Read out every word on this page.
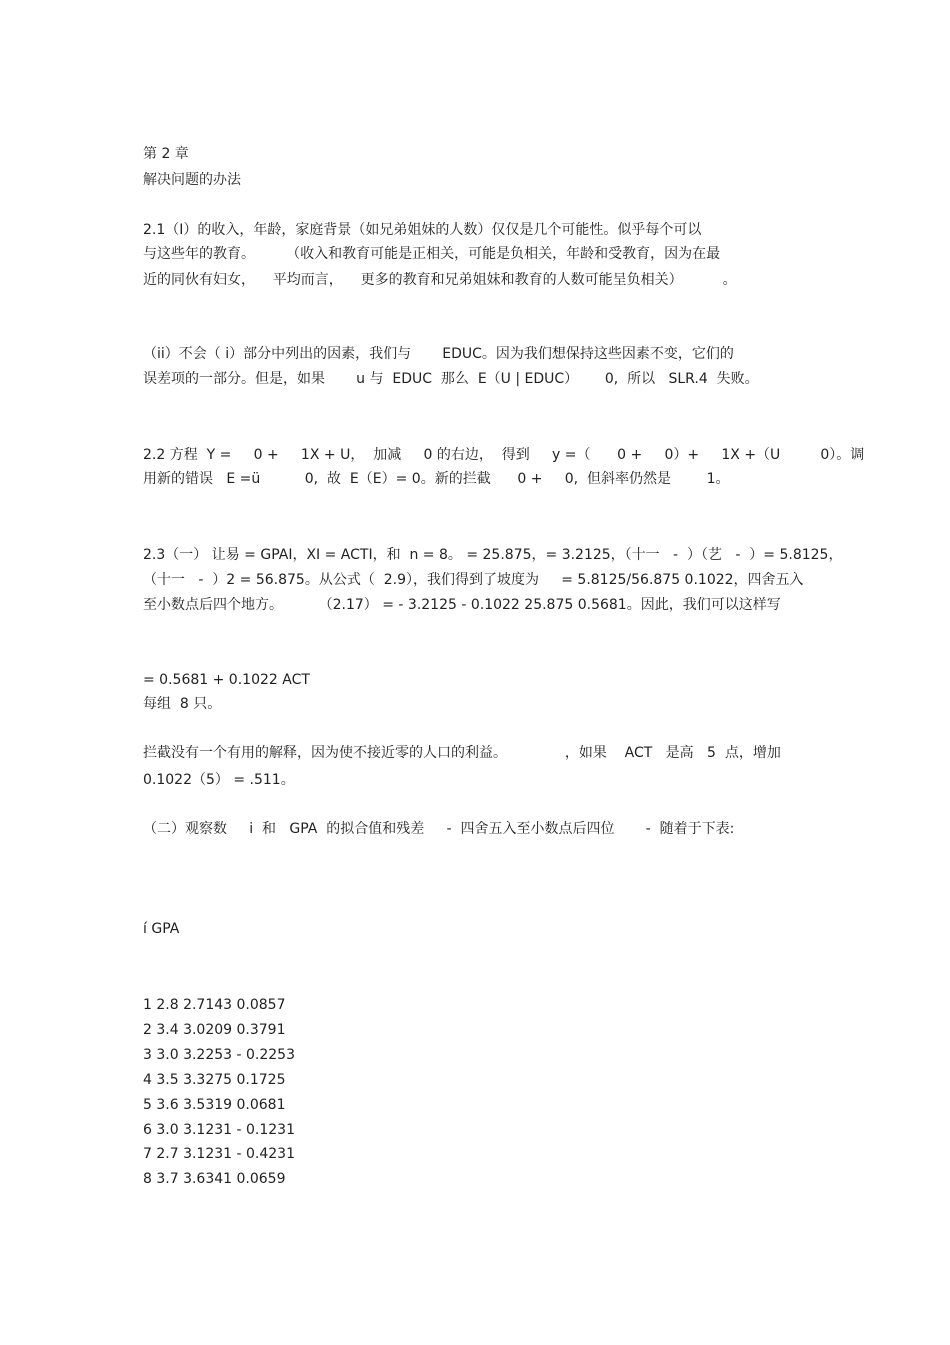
第 2 章
解决问题的办法
2.1（I）的收入，年龄，家庭背景（如兄弟姐妹的人数）仅仅是几个可能性。似乎每个可以
与这些年的教育。       （收入和教育可能是正相关，可能是负相关，年龄和受教育，因为在最
近的同伙有妇女，    平均而言，    更多的教育和兄弟姐妹和教育的人数可能呈负相关）         。
（ii）不会（ i）部分中列出的因素，我们与       EDUC。因为我们想保持这些因素不变，它们的
误差项的一部分。但是，如果       u 与  EDUC  那么  E（U | EDUC）      0,  所以   SLR.4  失败。
2.2 方程  Y =     0 +     1X + U，  加减     0 的右边，  得到     y =（      0 +     0）+     1X +（U         0）。调
用新的错误   E =ü          0,  故  E（E）= 0。新的拦截      0 +     0,  但斜率仍然是        1。
2.3（一） 让易 = GPAI，XI = ACTI，和  n = 8。 = 25.875，= 3.2125，（十一   -  ）（艺   -  ）= 5.8125，
（十一   -  ）2 = 56.875。从公式（  2.9），我们得到了坡度为     = 5.8125/56.875 0.1022，四舍五入
至小数点后四个地方。        （2.17） = - 3.2125 - 0.1022 25.875 0.5681。因此，我们可以这样写
= 0.5681 + 0.1022 ACT
每组  8 只。
拦截没有一个有用的解释，因为使不接近零的人口的利益。             ，如果    ACT   是高   5  点，增加
0.1022（5） = .511。
（二）观察数     i  和   GPA  的拟合值和残差     -  四舍五入至小数点后四位       -  随着于下表:
í GPA
1 2.8 2.7143 0.0857
2 3.4 3.0209 0.3791
3 3.0 3.2253 - 0.2253
4 3.5 3.3275 0.1725
5 3.6 3.5319 0.0681
6 3.0 3.1231 - 0.1231
7 2.7 3.1231 - 0.4231
8 3.7 3.6341 0.0659
